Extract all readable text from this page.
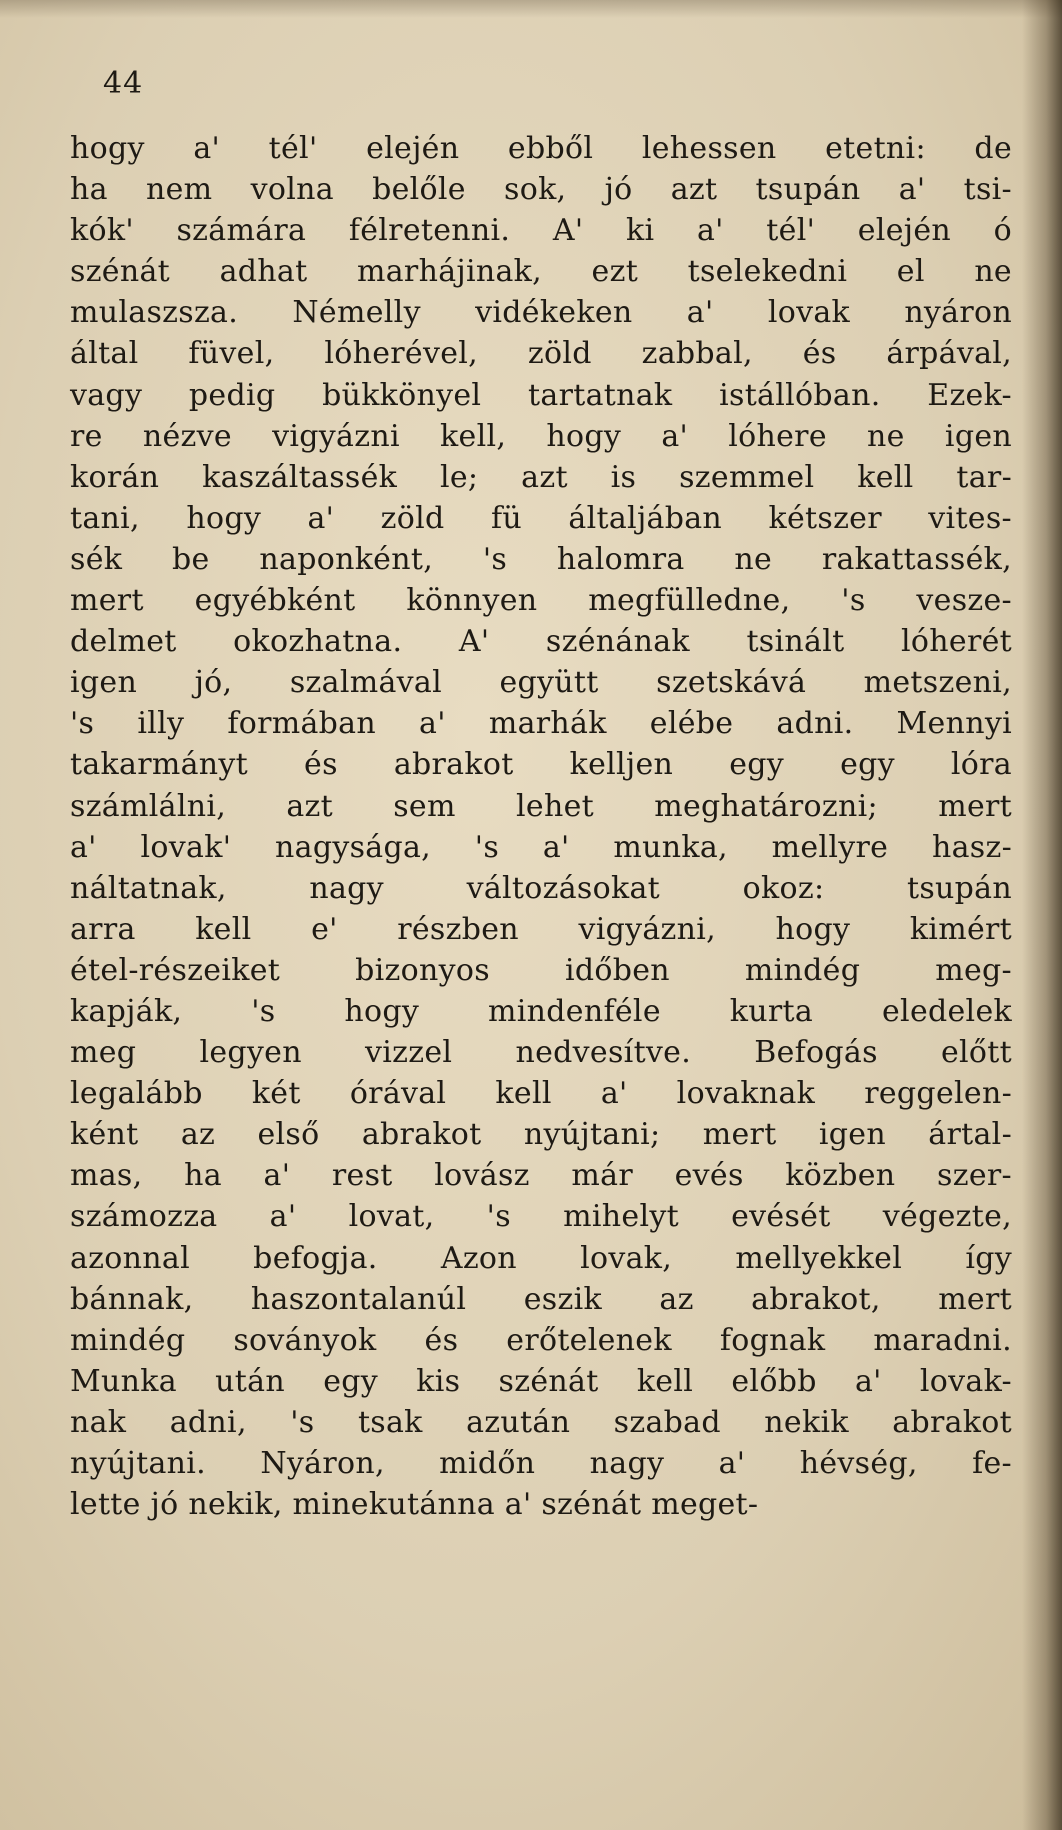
44
hogy a' tél' elején ebből lehessen etetni: de
ha nem volna belőle sok, jó azt tsupán a' tsi-
kók' számára félretenni. A' ki a' tél' elején ó
szénát adhat marhájinak, ezt tselekedni el ne
mulaszsza. Némelly vidékeken a' lovak nyáron
által füvel, lóherével, zöld zabbal, és árpával,
vagy pedig bükkönyel tartatnak istállóban. Ezek-
re nézve vigyázni kell, hogy a' lóhere ne igen
korán kaszáltassék le; azt is szemmel kell tar-
tani, hogy a' zöld fü általjában kétszer vites-
sék be naponként, 's halomra ne rakattassék,
mert egyébként könnyen megfülledne, 's vesze-
delmet okozhatna. A' szénának tsinált lóherét
igen jó, szalmával együtt szetskává metszeni,
's illy formában a' marhák elébe adni. Mennyi
takarmányt és abrakot kelljen egy egy lóra
számlálni, azt sem lehet meghatározni; mert
a' lovak' nagysága, 's a' munka, mellyre hasz-
náltatnak, nagy változásokat okoz: tsupán
arra kell e' részben vigyázni, hogy kimért
étel-részeiket bizonyos időben mindég meg-
kapják, 's hogy mindenféle kurta eledelek
meg legyen vizzel nedvesítve. Befogás előtt
legalább két órával kell a' lovaknak reggelen-
ként az első abrakot nyújtani; mert igen ártal-
mas, ha a' rest lovász már evés közben szer-
számozza a' lovat, 's mihelyt evését végezte,
azonnal befogja. Azon lovak, mellyekkel így
bánnak, haszontalanúl eszik az abrakot, mert
mindég soványok és erőtelenek fognak maradni.
Munka után egy kis szénát kell előbb a' lovak-
nak adni, 's tsak azután szabad nekik abrakot
nyújtani. Nyáron, midőn nagy a' hévség, fe-
lette jó nekik, minekutánna a' szénát meget-
